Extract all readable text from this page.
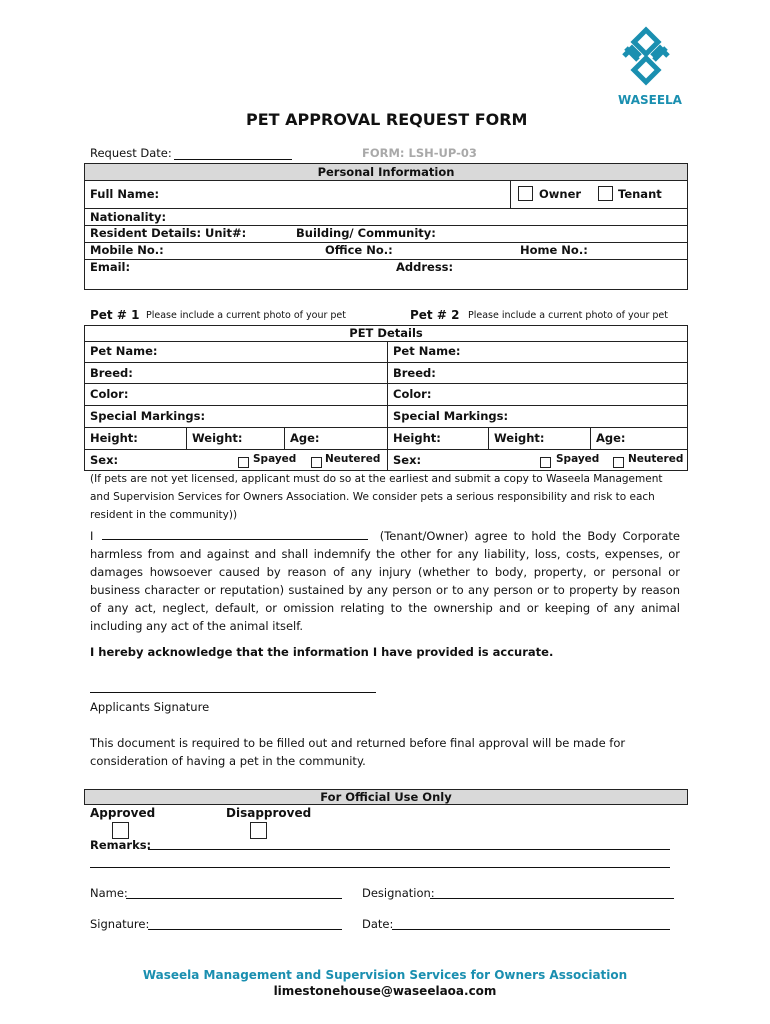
WASEELA
PET APPROVAL REQUEST FORM
Request Date:	FORM: LSH-UP-03
Personal Information
Full Name:	Owner	Tenant
Nationality:
Resident Details: Unit#:	Building/ Community:
Mobile No.:	Office No.:	Home No.:
Email:	Address:
Pet # 1 Please include a current photo of your pet	Pet # 2 Please include a current photo of your pet
PET Details
Pet Name:	Pet Name:
Breed:	Breed:
Color:	Color:
Special Markings:	Special Markings:
Height:	Weight:	Age:	Height:	Weight:	Age:
Sex:	Spayed	Neutered Sex:	Spayed	Neutered
(If pets are not yet licensed, applicant must do so at the earliest and submit a copy to Waseela Management
and Supervision Services for Owners Association. We consider pets a serious responsibility and risk to each
resident in the community))
I	(Tenant/Owner) agree to hold the Body Corporate harmless from and against and shall indemnify the other for any liability, loss, costs, expenses, or damages howsoever caused by reason of any injury (whether to body, property, or personal or business character or reputation) sustained by any person or to any person or to property by reason of any act, neglect, default, or omission relating to the ownership and or keeping of any animal including any act of the animal itself.
I hereby acknowledge that the information I have provided is accurate.
Applicants Signature
This document is required to be filled out and returned before final approval will be made for
consideration of having a pet in the community.
For Official Use Only
Approved	Disapproved
Remarks:
Name:	Designation:
Signature:	Date:
Waseela Management and Supervision Services for Owners Association
limestonehouse@waseelaoa.com
